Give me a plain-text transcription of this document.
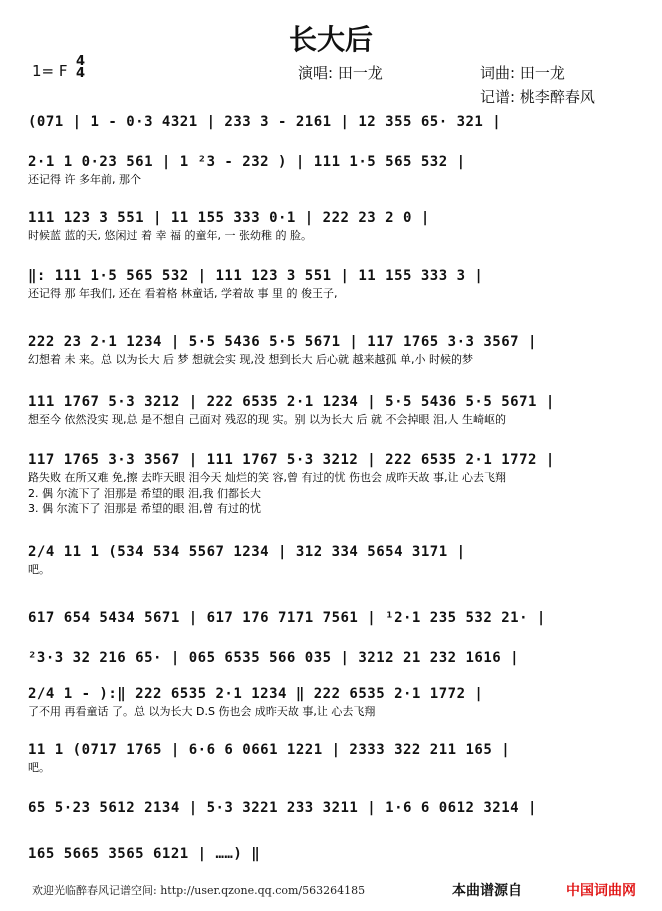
长大后
1= F
4
4	演唱: 田一龙	词曲: 田一龙
记谱: 桃李醉春风
(071 | 1 - 0·3 4321 | 233 3 - 2161 | 12 355 65· 321 |
2·1 1 0·23 561 | 1 ²3 - 232 ) | 111 1·5 565 532 |
还记得 许 多年前, 那个
111 123 3 551 | 11 155 333 0·1 | 222 23 2 0 |
时候蓝 蓝的天, 悠闲过 着 幸 福 的童年, 一 张幼稚 的 脸。
‖: 111 1·5 565 532 | 111 123 3 551 | 11 155 333 3 |
还记得 那 年我们, 还在 看着格 林童话, 学着故 事 里 的 俊王子,
222 23 2·1 1234 | 5·5 5436 5·5 5671 | 117 1765 3·3 3567 |
幻想着 未 来。总 以为长大 后 梦 想就会实 现,没 想到长大 后心就 越来越孤 单,小 时候的梦
111 1767 5·3 3212 | 222 6535 2·1 1234 | 5·5 5436 5·5 5671 |
想至今 依然没实 现,总 是不想自 己面对 残忍的现 实。别 以为长大 后 就 不会掉眼 泪,人 生崎岖的
117 1765 3·3 3567 | 111 1767 5·3 3212 | 222 6535 2·1 1772 |
路失败 在所又难 免,擦 去昨天眼 泪今天 灿烂的笑 容,曾 有过的忧 伤也会 成昨天故 事,让 心去飞翔
2. 偶 尔流下了 泪那是 希望的眼 泪,我 们都长大
3. 偶 尔流下了 泪那是 希望的眼 泪,曾 有过的忧
2/4 11 1 (534 534 5567 1234 | 312 334 5654 3171 |
吧。
617 654 5434 5671 | 617 176 7171 7561 | ¹2·1 235 532 21· |
²3·3 32 216 65· | 065 6535 566 035 | 3212 21 232 1616 |
2/4 1 - ):‖ 222 6535 2·1 1234 ‖ 222 6535 2·1 1772 |
了不用 再看童话 了。总 以为长大 D.S 伤也会 成昨天故 事,让 心去飞翔
11 1 (0717 1765 | 6·6 6 0661 1221 | 2333 322 211 165 |
吧。
65 5·23 5612 2134 | 5·3 3221 233 3211 | 1·6 6 0612 3214 |
165 5665 3565 6121 | ……) ‖
欢迎光临醉春风记谱空间: http://user.qzone.qq.com/563264185	本曲谱源自	中国词曲网
